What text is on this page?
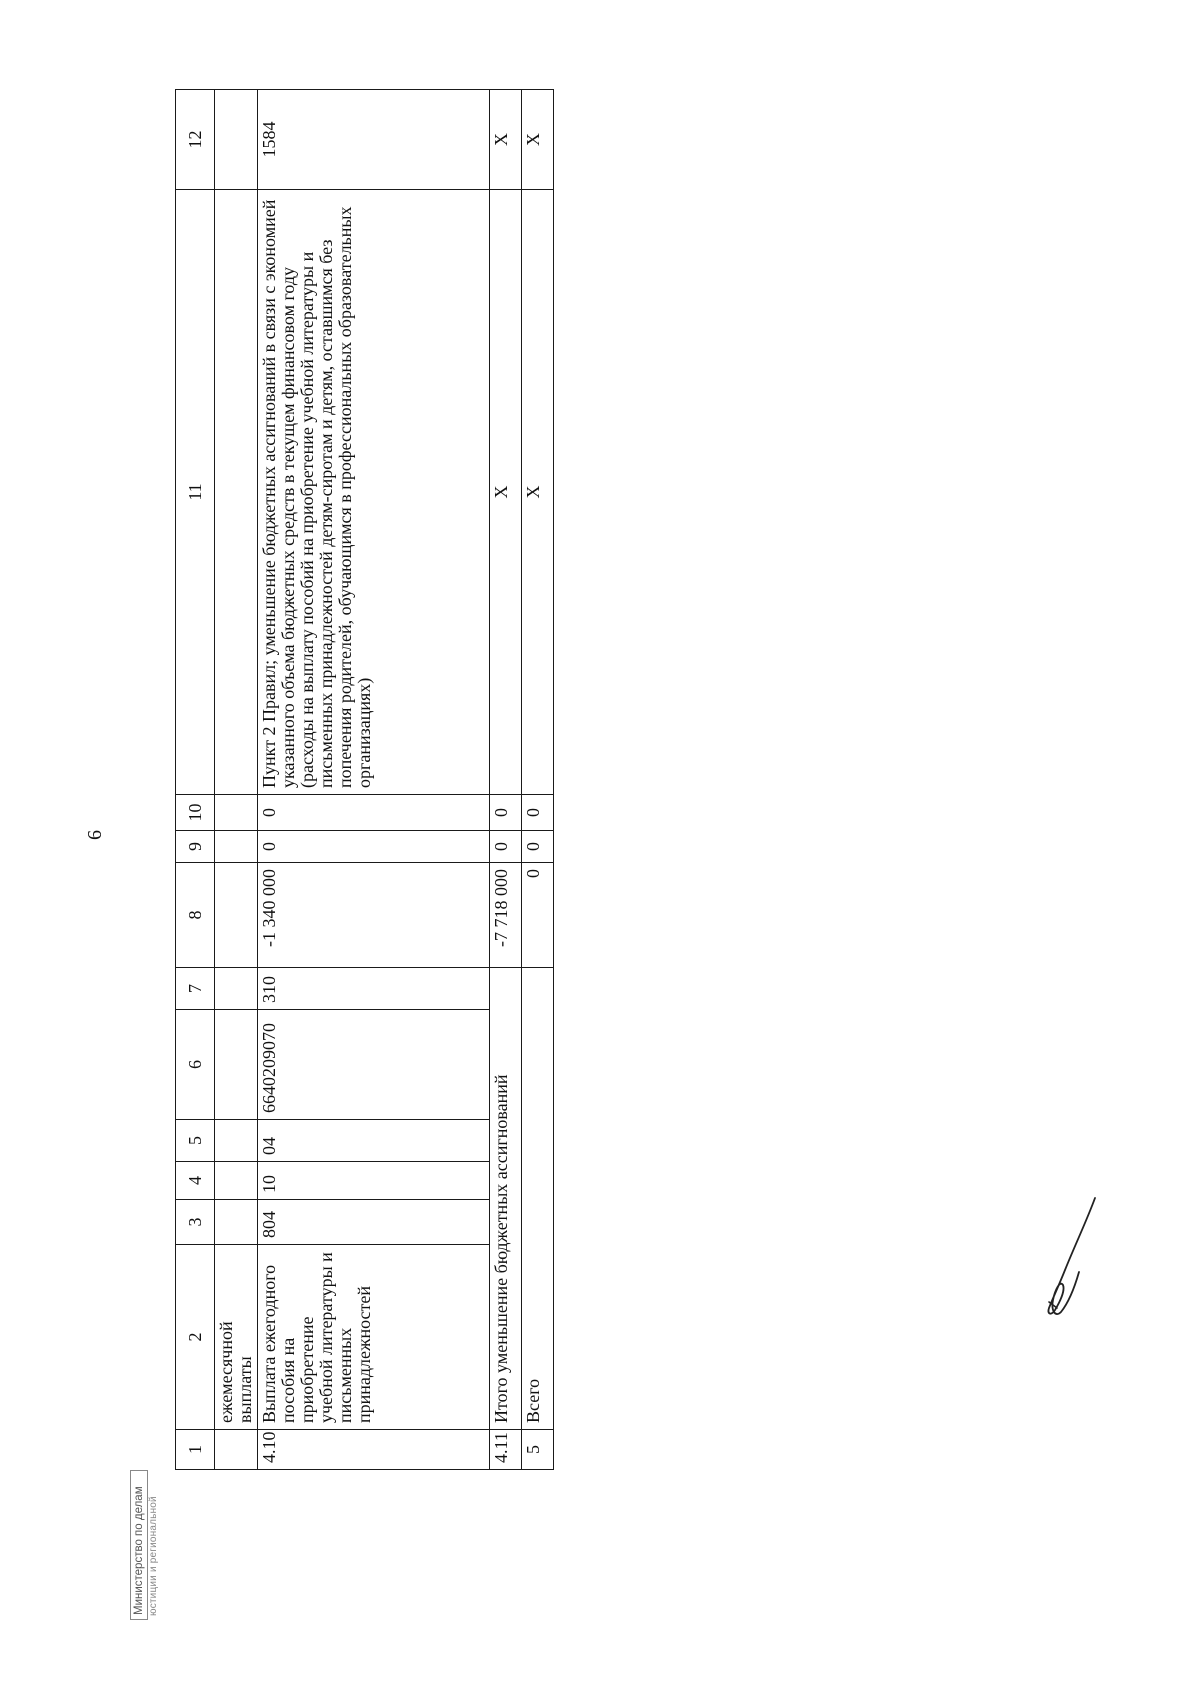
6
1	2	3	4	5	6	7	8	9	10	11	12
	ежемесячной выплаты										
4.10	Выплата ежегодного пособия на приобретение учебной литературы и письменных принадлежностей	804	10	04	6640209070	310	-1 340 000	0	0	Пункт 2 Правил; уменьшение бюджетных ассигнований в связи с экономией указанного объема бюджетных средств в текущем финансовом году (расходы на выплату пособий на приобретение учебной литературы и письменных принадлежностей детям-сиротам и детям, оставшимся без попечения родителей, обучающимся в профессиональных образовательных организациях)	1584
4.11	Итого уменьшение бюджетных ассигнований						-7 718 000	0	0	X	X
5	Всего						0	0	0	X	X
Министерство по делам юстиции и региональной
